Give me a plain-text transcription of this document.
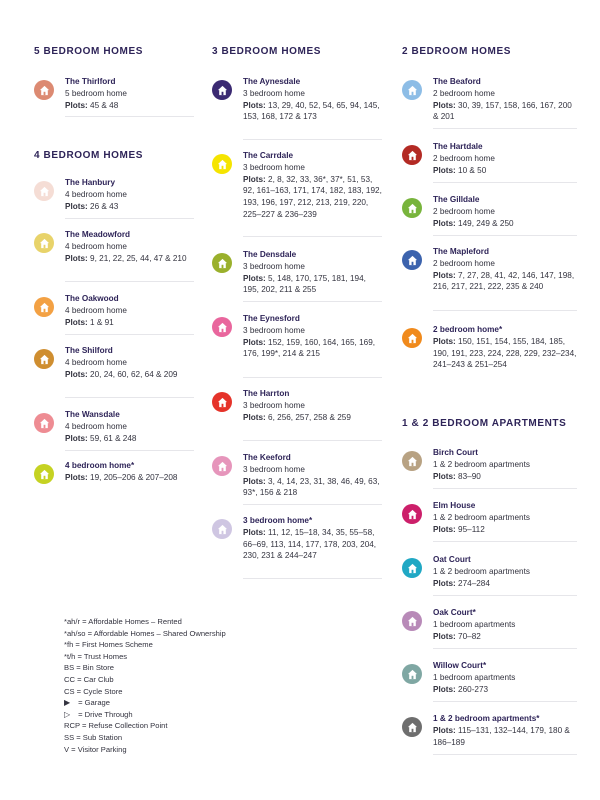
5 BEDROOM HOMES
The Thirlford
5 bedroom home
Plots: 45 & 48
4 BEDROOM HOMES
The Hanbury
4 bedroom home
Plots: 26 & 43
The Meadowford
4 bedroom home
Plots: 9, 21, 22, 25, 44, 47 & 210
The Oakwood
4 bedroom home
Plots: 1 & 91
The Shilford
4 bedroom home
Plots: 20, 24, 60, 62, 64 & 209
The Wansdale
4 bedroom home
Plots: 59, 61 & 248
4 bedroom home*
Plots: 19, 205–206 & 207–208
3 BEDROOM HOMES
The Aynesdale
3 bedroom home
Plots: 13, 29, 40, 52, 54, 65, 94, 145, 153, 168, 172 & 173
The Carrdale
3 bedroom home
Plots: 2, 8, 32, 33, 36*, 37*, 51, 53, 92, 161–163, 171, 174, 182, 183, 192, 193, 196, 197, 212, 213, 219, 220, 225–227 & 236–239
The Densdale
3 bedroom home
Plots: 5, 148, 170, 175, 181, 194, 195, 202, 211 & 255
The Eynesford
3 bedroom home
Plots: 152, 159, 160, 164, 165, 169, 176, 199*, 214 & 215
The Harrton
3 bedroom home
Plots: 6, 256, 257, 258 & 259
The Keeford
3 bedroom home
Plots: 3, 4, 14, 23, 31, 38, 46, 49, 63, 93*, 156 & 218
3 bedroom home*
Plots: 11, 12, 15–18, 34, 35, 55–58, 66–69, 113, 114, 177, 178, 203, 204, 230, 231 & 244–247
2 BEDROOM HOMES
The Beaford
2 bedroom home
Plots: 30, 39, 157, 158, 166, 167, 200 & 201
The Hartdale
2 bedroom home
Plots: 10 & 50
The Gilldale
2 bedroom home
Plots: 149, 249 & 250
The Mapleford
2 bedroom home
Plots: 7, 27, 28, 41, 42, 146, 147, 198, 216, 217, 221, 222, 235 & 240
2 bedroom home*
Plots: 150, 151, 154, 155, 184, 185, 190, 191, 223, 224, 228, 229, 232–234, 241–243 & 251–254
1 & 2 BEDROOM APARTMENTS
Birch Court
1 & 2 bedroom apartments
Plots: 83–90
Elm House
1 & 2 bedroom apartments
Plots: 95–112
Oat Court
1 & 2 bedroom apartments
Plots: 274–284
Oak Court*
1 bedroom apartments
Plots: 70–82
Willow Court*
1 bedroom apartments
Plots: 260-273
1 & 2 bedroom apartments*
Plots: 115–131, 132–144, 179, 180 & 186–189
*ah/r = Affordable Homes – Rented
*ah/so = Affordable Homes – Shared Ownership
*fh = First Homes Scheme
*t/h = Trust Homes
BS = Bin Store
CC = Car Club
CS = Cycle Store
▶ = Garage
▷ = Drive Through
RCP = Refuse Collection Point
SS = Sub Station
V = Visitor Parking
